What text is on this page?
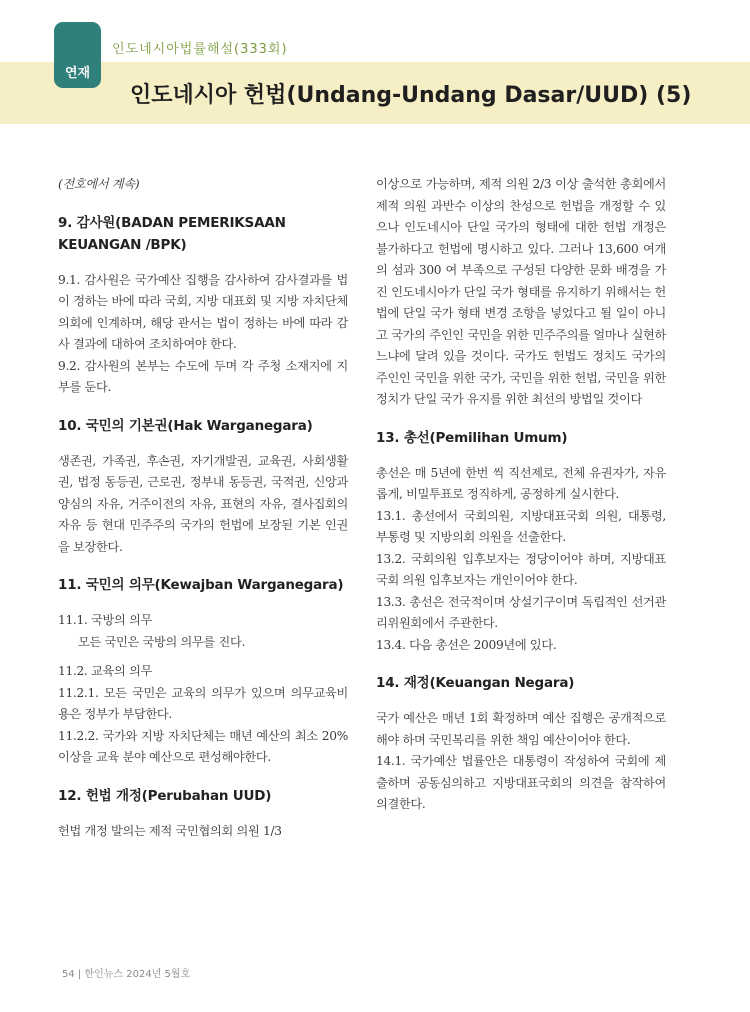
연재
인도네시아법률해설(333회)
인도네시아 헌법(Undang-Undang Dasar/UUD) (5)

(전호에서 계속)

9. 감사원(BADAN PEMERIKSAAN KEUANGAN /BPK)

9.1. 감사원은 국가예산 집행을 감사하여 감사결과를 법이 정하는 바에 따라 국회, 지방 대표회 및 지방 자치단체의회에 인계하며, 해당 관서는 법이 정하는 바에 따라 감사 결과에 대하여 조치하여야 한다.

9.2. 감사원의 본부는 수도에 두며 각 주청 소재지에 지부를 둔다.

10. 국민의 기본권(Hak Warganegara)

생존권, 가족권, 후손권, 자기개발권, 교육권, 사회생활권, 법정 동등권, 근로권, 정부내 동등권, 국적권, 신앙과 양심의 자유, 거주이전의 자유, 표현의 자유, 결사집회의 자유 등 현대 민주주의 국가의 헌법에 보장된 기본 인권을 보장한다.

11. 국민의 의무(Kewajban Warganegara)

11.1. 국방의 의무

모든 국민은 국방의 의무를 진다.

11.2. 교육의 의무

11.2.1. 모든 국민은 교육의 의무가 있으며 의무교육비용은 정부가 부담한다.

11.2.2. 국가와 지방 자치단체는 매년 예산의 최소 20% 이상을 교육 분야 예산으로 편성해야한다.

12. 헌법 개정(Perubahan UUD)

헌법 개정 발의는 제적 국민협의회 의원 1/3

이상으로 가능하며, 제적 의원 2/3 이상 출석한 총회에서 제적 의원 과반수 이상의 찬성으로 헌법을 개정할 수 있으나 인도네시아 단일 국가의 형태에 대한 헌법 개정은 불가하다고 헌법에 명시하고 있다. 그러나 13,600 여개의 섬과 300 여 부족으로 구성된 다양한 문화 배경을 가진 인도네시아가 단일 국가 형태를 유지하기 위해서는 헌법에 단일 국가 형태 변경 조항을 넣었다고 될 일이 아니고 국가의 주인인 국민을 위한 민주주의를 얼마나 실현하느냐에 달려 있을 것이다. 국가도 헌법도 정치도 국가의 주인인 국민을 위한 국가, 국민을 위한 헌법, 국민을 위한 정치가 단일 국가 유지를 위한 최선의 방법일 것이다

13. 총선(Pemilihan Umum)

총선은 매 5년에 한번 씩 직선제로, 전체 유권자가, 자유롭게, 비밀투표로 정직하게, 공정하게 실시한다.

13.1. 총선에서 국회의원, 지방대표국회 의원, 대통령, 부통령 및 지방의회 의원을 선출한다.

13.2. 국회의원 입후보자는 정당이어야 하며, 지방대표국회 의원 입후보자는 개인이어야 한다.

13.3. 총선은 전국적이며 상설기구이며 독립적인 선거관리위원회에서 주관한다.

13.4. 다음 총선은 2009년에 있다.

14. 재정(Keuangan Negara)

국가 예산은 매년 1회 확정하며 예산 집행은 공개적으로 해야 하며 국민복리를 위한 책임 예산이어야 한다.

14.1. 국가예산 법률안은 대통령이 작성하여 국회에 제출하며 공동심의하고 지방대표국회의 의견을 참작하여 의결한다.

54 | 한인뉴스 2024년 5월호
